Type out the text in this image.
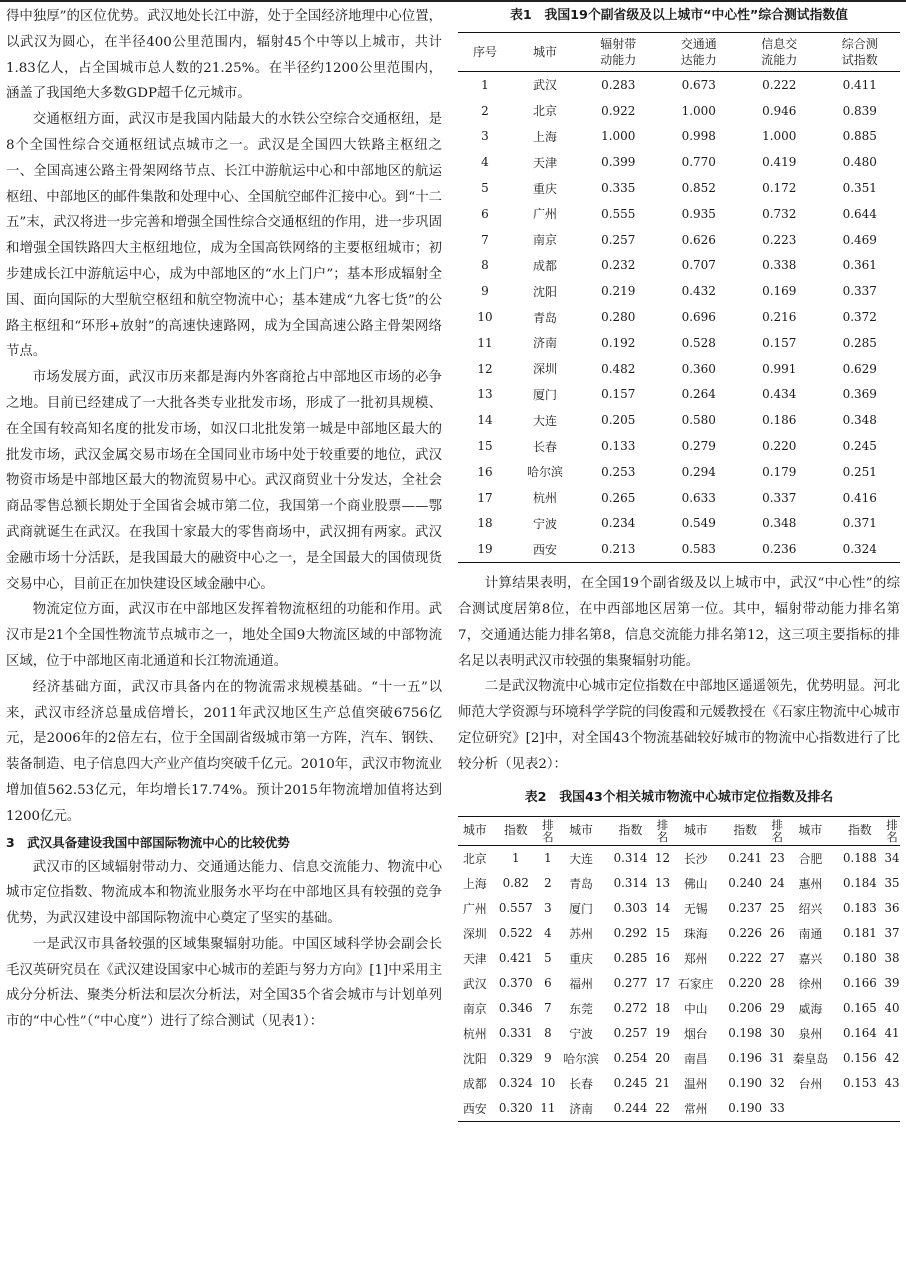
得中独厚”的区位优势。武汉地处长江中游，处于全国经济地理中心位置，以武汉为圆心，在半径400公里范围内，辐射45个中等以上城市，共计1.83亿人，占全国城市总人数的21.25%。在半径约1200公里范围内，涵盖了我国绝大多数GDP超千亿元城市。

交通枢纽方面，武汉市是我国内陆最大的水铁公空综合交通枢纽，是8个全国性综合交通枢纽试点城市之一。武汉是全国四大铁路主枢纽之一、全国高速公路主骨架网络节点、长江中游航运中心和中部地区的航运枢纽、中部地区的邮件集散和处理中心、全国航空邮件汇接中心。到“十二五”末，武汉将进一步完善和增强全国性综合交通枢纽的作用，进一步巩固和增强全国铁路四大主枢纽地位，成为全国高铁网络的主要枢纽城市；初步建成长江中游航运中心，成为中部地区的“水上门户”；基本形成辐射全国、面向国际的大型航空枢纽和航空物流中心；基本建成“九客七货”的公路主枢纽和“环形+放射”的高速快速路网，成为全国高速公路主骨架网络节点。

市场发展方面，武汉市历来都是海内外客商抢占中部地区市场的必争之地。目前已经建成了一大批各类专业批发市场，形成了一批初具规模、在全国有较高知名度的批发市场，如汉口北批发第一城是中部地区最大的批发市场，武汉金属交易市场在全国同业市场中处于较重要的地位，武汉物资市场是中部地区最大的物流贸易中心。武汉商贸业十分发达，全社会商品零售总额长期处于全国省会城市第二位，我国第一个商业股票——鄂武商就诞生在武汉。在我国十家最大的零售商场中，武汉拥有两家。武汉金融市场十分活跃，是我国最大的融资中心之一，是全国最大的国债现货交易中心，目前正在加快建设区域金融中心。

物流定位方面，武汉市在中部地区发挥着物流枢纽的功能和作用。武汉市是21个全国性物流节点城市之一，地处全国9大物流区域的中部物流区域，位于中部地区南北通道和长江物流通道。

经济基础方面，武汉市具备内在的物流需求规模基础。“十一五”以来，武汉市经济总量成倍增长，2011年武汉地区生产总值突破6756亿元，是2006年的2倍左右，位于全国副省级城市第一方阵，汽车、钢铁、装备制造、电子信息四大产业产值均突破千亿元。2010年，武汉市物流业增加值562.53亿元，年均增长17.74%。预计2015年物流增加值将达到1200亿元。

3　武汉具备建设我国中部国际物流中心的比较优势

武汉市的区域辐射带动力、交通通达能力、信息交流能力、物流中心城市定位指数、物流成本和物流业服务水平均在中部地区具有较强的竞争优势，为武汉建设中部国际物流中心奠定了坚实的基础。

一是武汉市具备较强的区域集聚辐射功能。中国区域科学协会副会长毛汉英研究员在《武汉建设国家中心城市的差距与努力方向》[1]中采用主成分分析法、聚类分析法和层次分析法，对全国35个省会城市与计划单列市的“中心性”（“中心度”）进行了综合测试（见表1）：

表1　我国19个副省级及以上城市“中心性”综合测试指数值
序号	城市	辐射带动能力	交通通达能力	信息交流能力	综合测试指数
1	武汉	0.283	0.673	0.222	0.411
2	北京	0.922	1.000	0.946	0.839
3	上海	1.000	0.998	1.000	0.885
4	天津	0.399	0.770	0.419	0.480
5	重庆	0.335	0.852	0.172	0.351
6	广州	0.555	0.935	0.732	0.644
7	南京	0.257	0.626	0.223	0.469
8	成都	0.232	0.707	0.338	0.361
9	沈阳	0.219	0.432	0.169	0.337
10	青岛	0.280	0.696	0.216	0.372
11	济南	0.192	0.528	0.157	0.285
12	深圳	0.482	0.360	0.991	0.629
13	厦门	0.157	0.264	0.434	0.369
14	大连	0.205	0.580	0.186	0.348
15	长春	0.133	0.279	0.220	0.245
16	哈尔滨	0.253	0.294	0.179	0.251
17	杭州	0.265	0.633	0.337	0.416
18	宁波	0.234	0.549	0.348	0.371
19	西安	0.213	0.583	0.236	0.324

计算结果表明，在全国19个副省级及以上城市中，武汉“中心性”的综合测试度居第8位，在中西部地区居第一位。其中，辐射带动能力排名第7，交通通达能力排名第8，信息交流能力排名第12，这三项主要指标的排名足以表明武汉市较强的集聚辐射功能。

二是武汉物流中心城市定位指数在中部地区遥遥领先，优势明显。河北师范大学资源与环境科学学院的闫俊霞和元媛教授在《石家庄物流中心城市定位研究》[2]中，对全国43个物流基础较好城市的物流中心指数进行了比较分析（见表2）：

表2　我国43个相关城市物流中心城市定位指数及排名
城市	指数	排名	城市	指数	排名	城市	指数	排名	城市	指数	排名
北京	1	1	大连	0.314	12	长沙	0.241	23	合肥	0.188	34
上海	0.82	2	青岛	0.314	13	佛山	0.240	24	惠州	0.184	35
广州	0.557	3	厦门	0.303	14	无锡	0.237	25	绍兴	0.183	36
深圳	0.522	4	苏州	0.292	15	珠海	0.226	26	南通	0.181	37
天津	0.421	5	重庆	0.285	16	郑州	0.222	27	嘉兴	0.180	38
武汉	0.370	6	福州	0.277	17	石家庄	0.220	28	徐州	0.166	39
南京	0.346	7	东莞	0.272	18	中山	0.206	29	威海	0.165	40
杭州	0.331	8	宁波	0.257	19	烟台	0.198	30	泉州	0.164	41
沈阳	0.329	9	哈尔滨	0.254	20	南昌	0.196	31	秦皇岛	0.156	42
成都	0.324	10	长春	0.245	21	温州	0.190	32	台州	0.153	43
西安	0.320	11	济南	0.244	22	常州	0.190	33			
